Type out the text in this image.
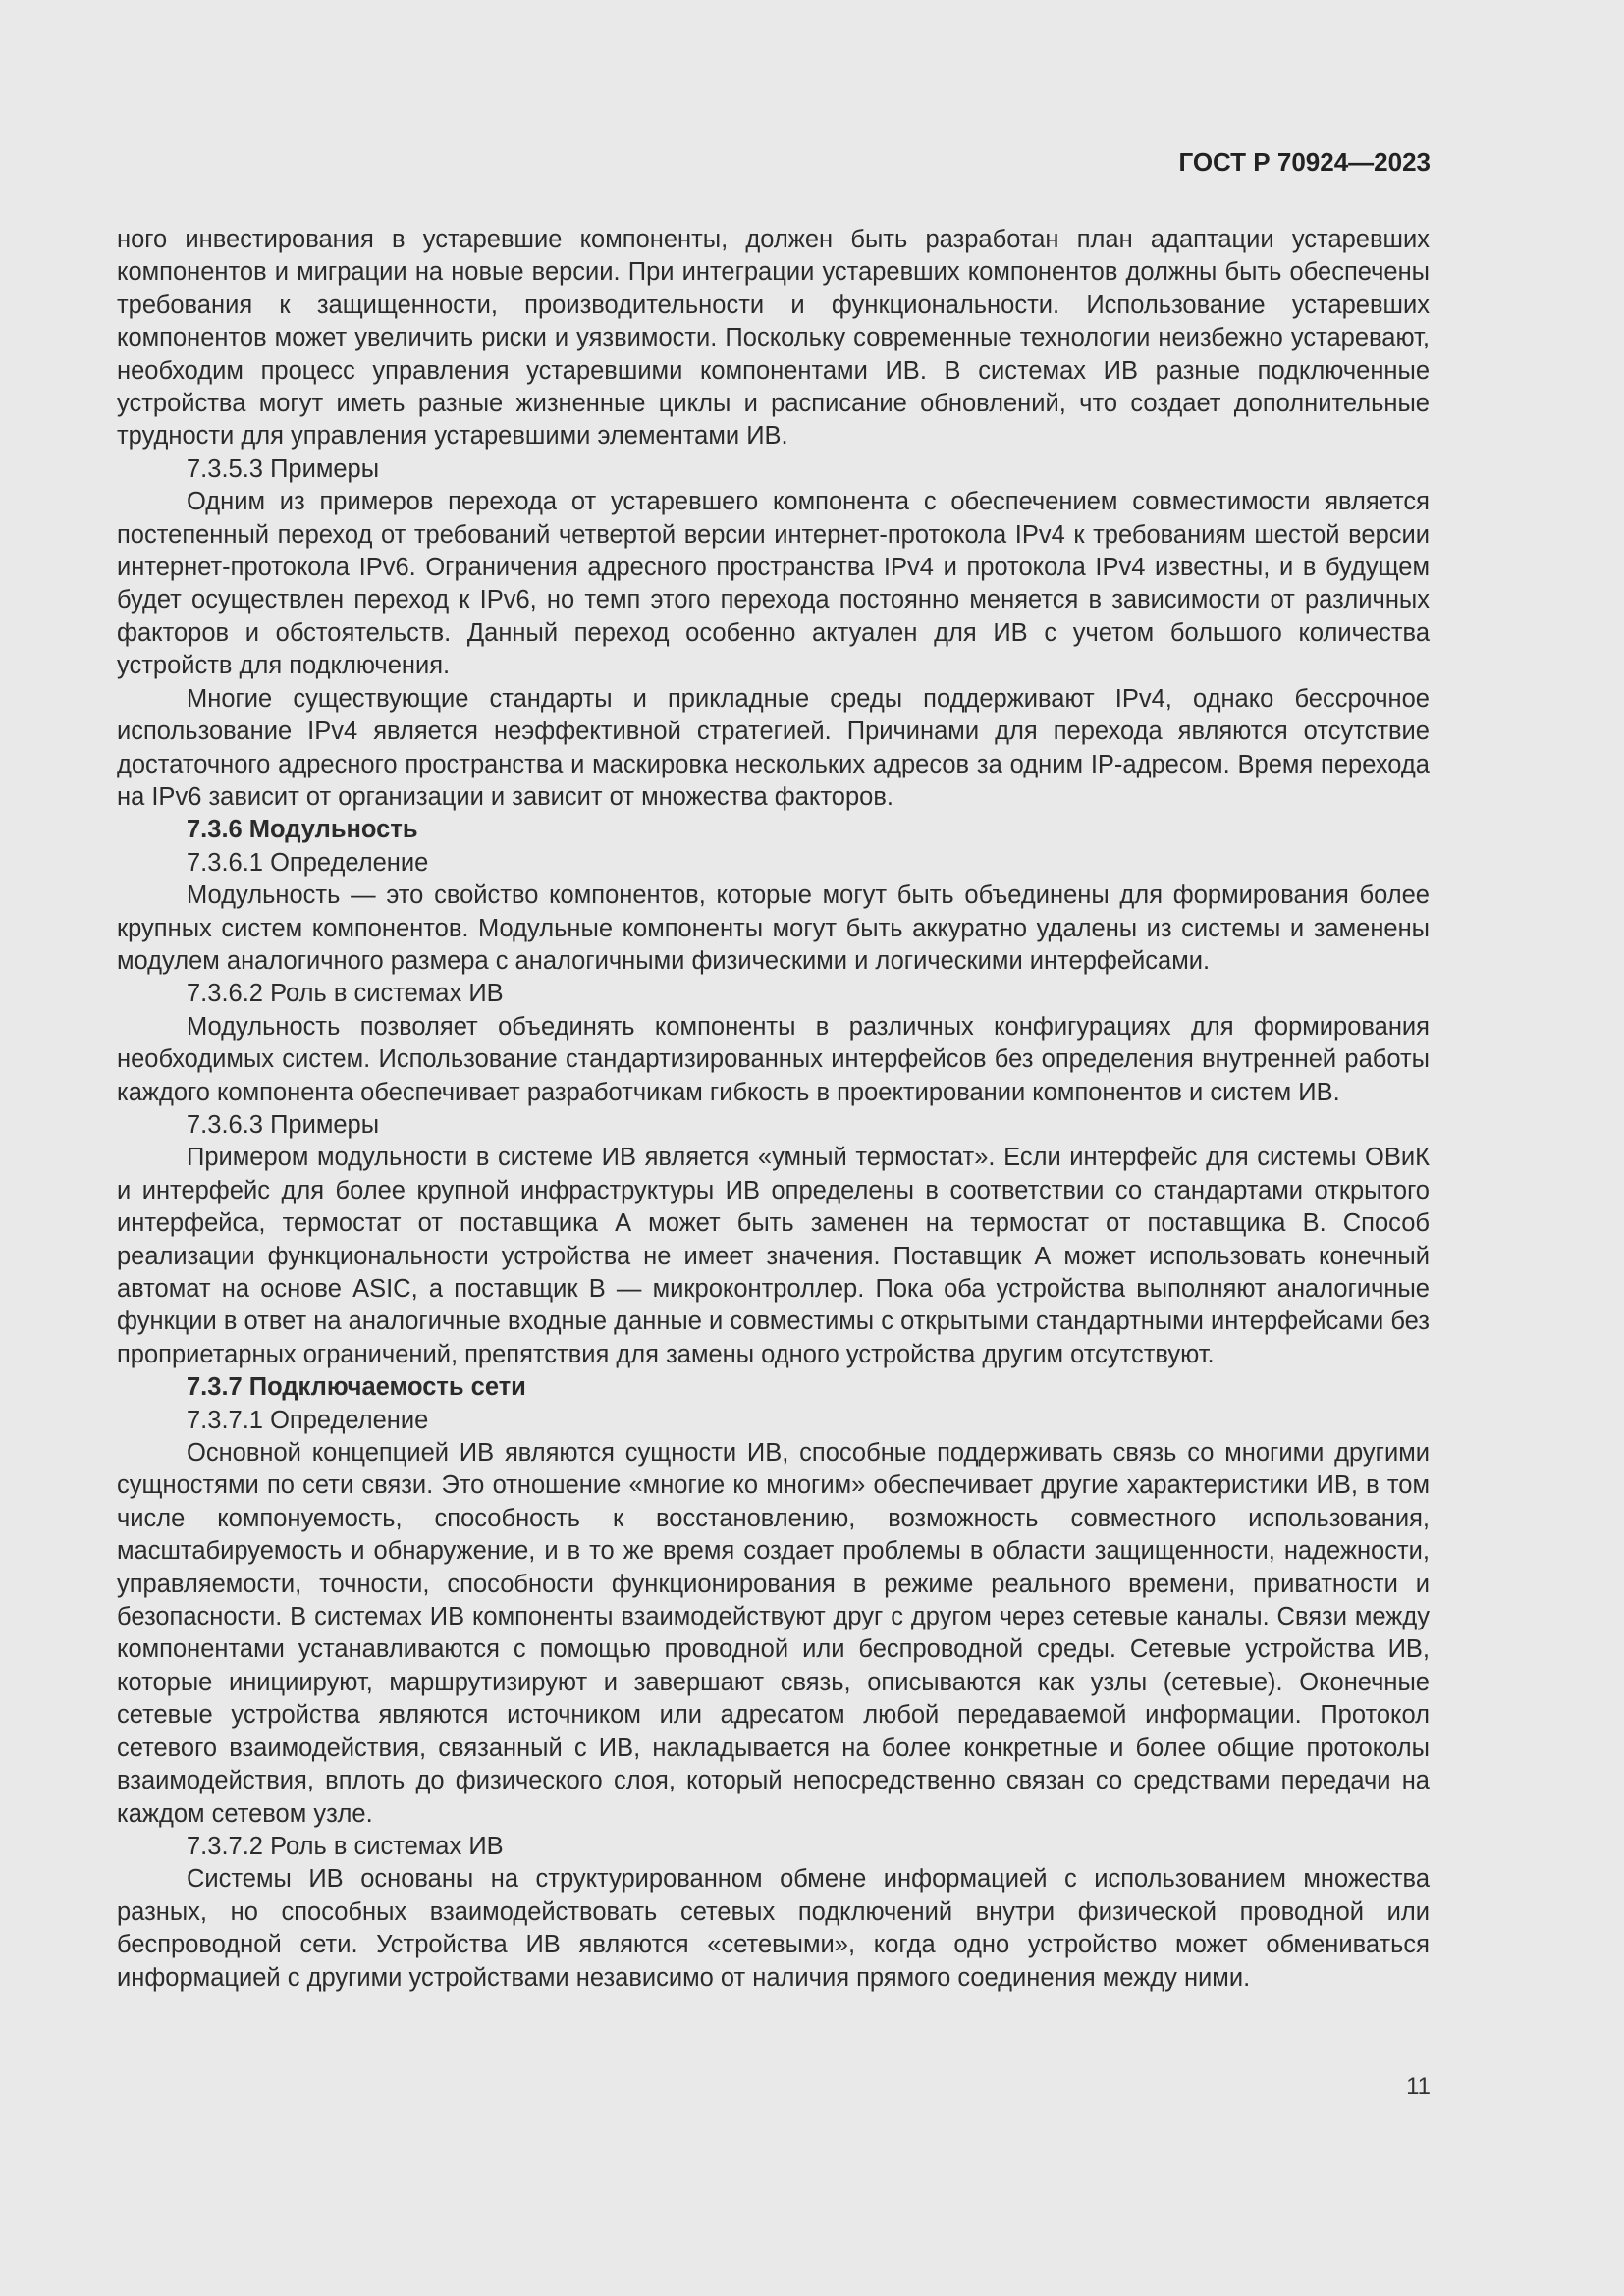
ГОСТ Р 70924—2023

ного инвестирования в устаревшие компоненты, должен быть разработан план адаптации устаревших компонентов и миграции на новые версии. При интеграции устаревших компонентов должны быть обеспечены требования к защищенности, производительности и функциональности. Использование устаревших компонентов может увеличить риски и уязвимости. Поскольку современные технологии неизбежно устаревают, необходим процесс управления устаревшими компонентами ИВ. В системах ИВ разные подключенные устройства могут иметь разные жизненные циклы и расписание обновлений, что создает дополнительные трудности для управления устаревшими элементами ИВ.

7.3.5.3 Примеры

Одним из примеров перехода от устаревшего компонента с обеспечением совместимости является постепенный переход от требований четвертой версии интернет-протокола IPv4 к требованиям шестой версии интернет-протокола IPv6. Ограничения адресного пространства IPv4 и протокола IPv4 известны, и в будущем будет осуществлен переход к IPv6, но темп этого перехода постоянно меняется в зависимости от различных факторов и обстоятельств. Данный переход особенно актуален для ИВ с учетом большого количества устройств для подключения.

Многие существующие стандарты и прикладные среды поддерживают IPv4, однако бессрочное использование IPv4 является неэффективной стратегией. Причинами для перехода являются отсутствие достаточного адресного пространства и маскировка нескольких адресов за одним IP-адресом. Время перехода на IPv6 зависит от организации и зависит от множества факторов.

7.3.6 Модульность

7.3.6.1 Определение

Модульность — это свойство компонентов, которые могут быть объединены для формирования более крупных систем компонентов. Модульные компоненты могут быть аккуратно удалены из системы и заменены модулем аналогичного размера с аналогичными физическими и логическими интерфейсами.

7.3.6.2 Роль в системах ИВ

Модульность позволяет объединять компоненты в различных конфигурациях для формирования необходимых систем. Использование стандартизированных интерфейсов без определения внутренней работы каждого компонента обеспечивает разработчикам гибкость в проектировании компонентов и систем ИВ.

7.3.6.3 Примеры

Примером модульности в системе ИВ является «умный термостат». Если интерфейс для системы ОВиК и интерфейс для более крупной инфраструктуры ИВ определены в соответствии со стандартами открытого интерфейса, термостат от поставщика А может быть заменен на термостат от поставщика В. Способ реализации функциональности устройства не имеет значения. Поставщик А может использовать конечный автомат на основе ASIC, а поставщик В — микроконтроллер. Пока оба устройства выполняют аналогичные функции в ответ на аналогичные входные данные и совместимы с открытыми стандартными интерфейсами без проприетарных ограничений, препятствия для замены одного устройства другим отсутствуют.

7.3.7 Подключаемость сети

7.3.7.1 Определение

Основной концепцией ИВ являются сущности ИВ, способные поддерживать связь со многими другими сущностями по сети связи. Это отношение «многие ко многим» обеспечивает другие характеристики ИВ, в том числе компонуемость, способность к восстановлению, возможность совместного использования, масштабируемость и обнаружение, и в то же время создает проблемы в области защищенности, надежности, управляемости, точности, способности функционирования в режиме реального времени, приватности и безопасности. В системах ИВ компоненты взаимодействуют друг с другом через сетевые каналы. Связи между компонентами устанавливаются с помощью проводной или беспроводной среды. Сетевые устройства ИВ, которые инициируют, маршрутизируют и завершают связь, описываются как узлы (сетевые). Оконечные сетевые устройства являются источником или адресатом любой передаваемой информации. Протокол сетевого взаимодействия, связанный с ИВ, накладывается на более конкретные и более общие протоколы взаимодействия, вплоть до физического слоя, который непосредственно связан со средствами передачи на каждом сетевом узле.

7.3.7.2 Роль в системах ИВ

Системы ИВ основаны на структурированном обмене информацией с использованием множества разных, но способных взаимодействовать сетевых подключений внутри физической проводной или беспроводной сети. Устройства ИВ являются «сетевыми», когда одно устройство может обмениваться информацией с другими устройствами независимо от наличия прямого соединения между ними.

11
